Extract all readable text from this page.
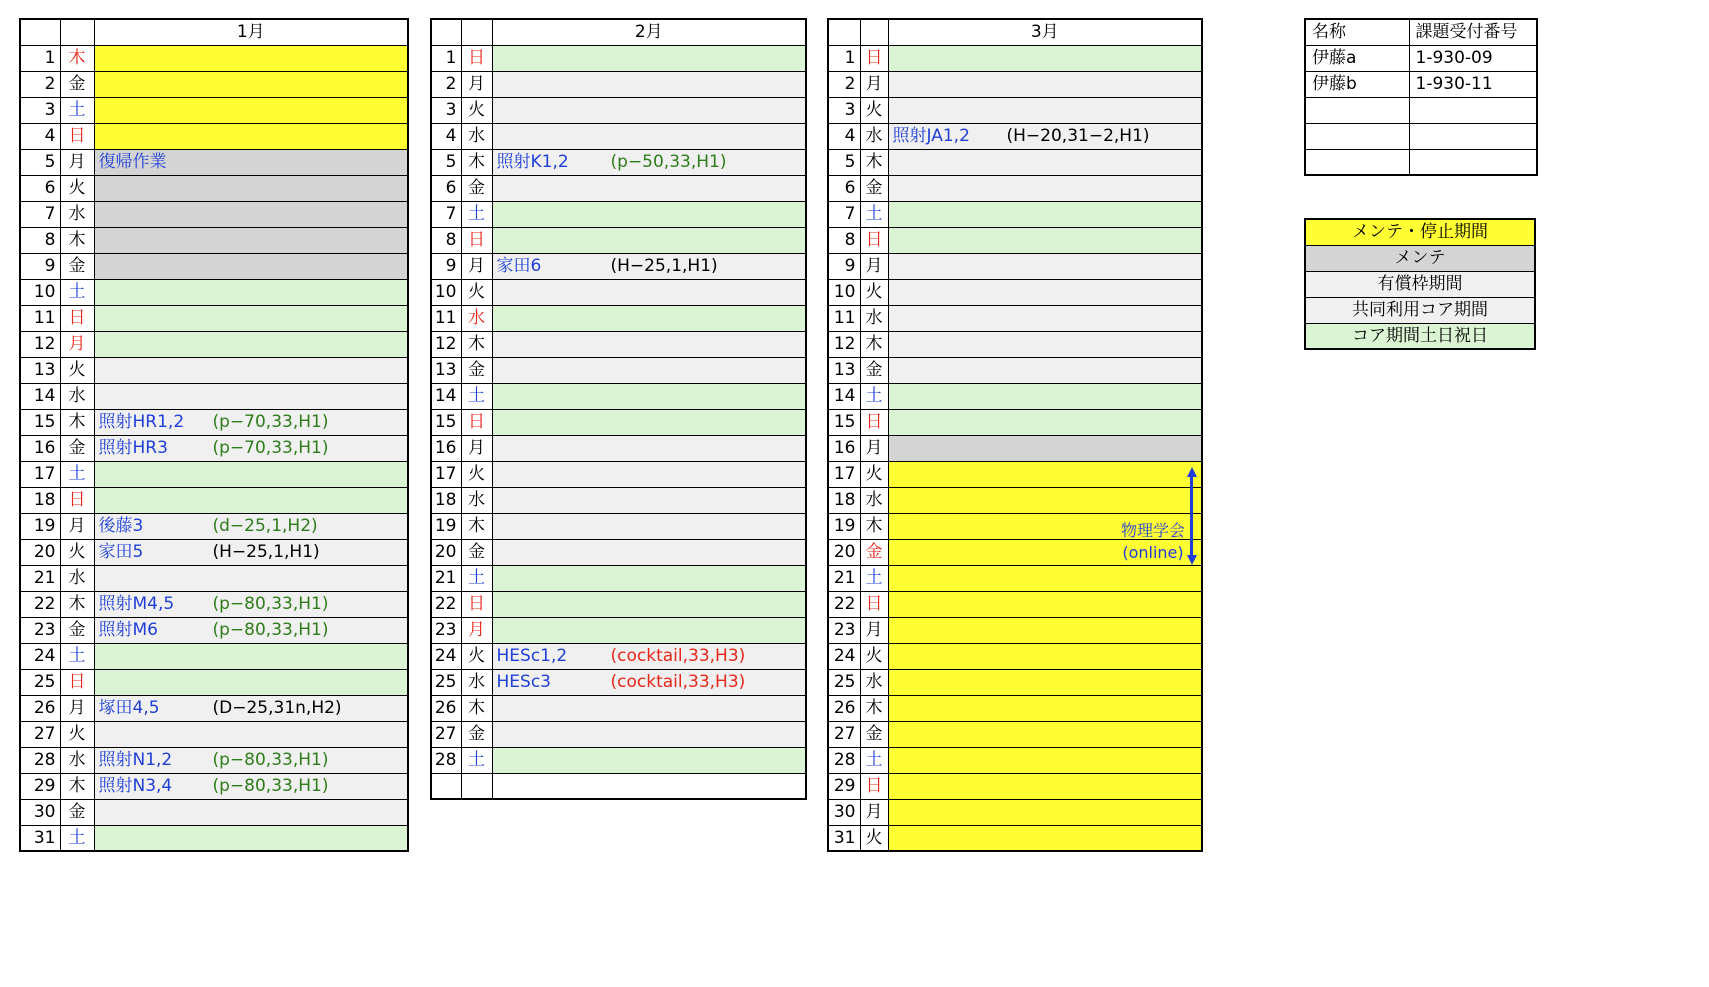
		1月
1	木	
2	金	
3	土	
4	日	
5	月	復帰作業
6	火	
7	水	
8	木	
9	金	
10	土	
11	日	
12	月	
13	火	
14	水	
15	木	照射HR1,2 (p−70,33,H1)

16	金	照射HR3 (p−70,33,H1)

17	土	
18	日	
19	月	後藤3 (d−25,1,H2)

20	火	家田5 (H−25,1,H1)

21	水	
22	木	照射M4,5 (p−80,33,H1)

23	金	照射M6 (p−80,33,H1)

24	土	
25	日	
26	月	塚田4,5 (D−25,31n,H2)

27	火	
28	水	照射N1,2 (p−80,33,H1)

29	木	照射N3,4 (p−80,33,H1)

30	金	
31	土	
		2月
1	日	
2	月	
3	火	
4	水	
5	木	照射K1,2 (p−50,33,H1)

6	金	
7	土	
8	日	
9	月	家田6 (H−25,1,H1)

10	火	
11	水	
12	木	
13	金	
14	土	
15	日	
16	月	
17	火	
18	水	
19	木	
20	金	
21	土	
22	日	
23	月	
24	火	HESc1,2 (cocktail,33,H3)

25	水	HESc3 (cocktail,33,H3)

26	木	
27	金	
28	土	

		3月
1	日	
2	月	
3	火	
4	水	照射JA1,2 (H−20,31−2,H1)

5	木	
6	金	
7	土	
8	日	
9	月	
10	火	
11	水	
12	木	
13	金	
14	土	
15	日	
16	月	
17	火	
18	水	
19	木	
20	金	
21	土	
22	日	
23	月	
24	火	
25	水	
26	木	
27	金	
28	土	
29	日	
30	月	
31	火	
物理学会
(online)
名称	課題受付番号
伊藤a	1-930-09
伊藤b	1-930-11

メンテ・停止期間
メンテ
有償枠期間
共同利用コア期間
コア期間土日祝日
